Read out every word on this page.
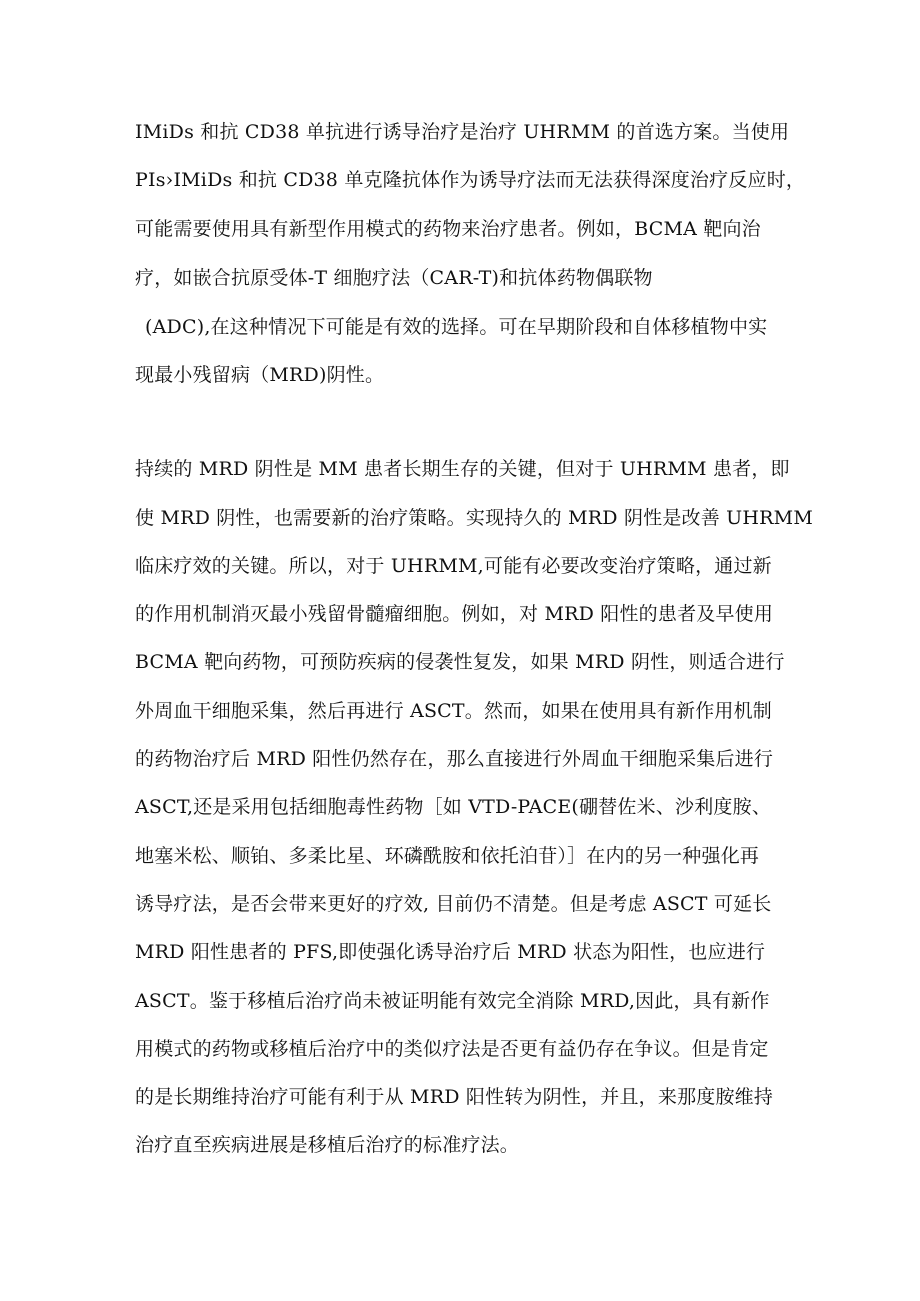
IMiDs 和抗 CD38 单抗进行诱导治疗是治疗 UHRMM 的首选方案。当使用
PIs›IMiDs 和抗 CD38 单克隆抗体作为诱导疗法而无法获得深度治疗反应时，
可能需要使用具有新型作用模式的药物来治疗患者。例如，BCMA 靶向治
疗，如嵌合抗原受体-T 细胞疗法（CAR-T)和抗体药物偶联物
(ADC),在这种情况下可能是有效的选择。可在早期阶段和自体移植物中实
现最小残留病（MRD)阴性。
持续的 MRD 阴性是 MM 患者长期生存的关键，但对于 UHRMM 患者，即
使 MRD 阴性，也需要新的治疗策略。实现持久的 MRD 阴性是改善 UHRMM
临床疗效的关键。所以，对于 UHRMM,可能有必要改变治疗策略，通过新
的作用机制消灭最小残留骨髓瘤细胞。例如，对 MRD 阳性的患者及早使用
BCMA 靶向药物，可预防疾病的侵袭性复发，如果 MRD 阴性，则适合进行
外周血干细胞采集，然后再进行 ASCT。然而，如果在使用具有新作用机制
的药物治疗后 MRD 阳性仍然存在，那么直接进行外周血干细胞采集后进行
ASCT,还是采用包括细胞毒性药物［如 VTD-PACE(硼替佐米、沙利度胺、
地塞米松、顺铂、多柔比星、环磷酰胺和依托泊苷）］在内的另一种强化再
诱导疗法，是否会带来更好的疗效, 目前仍不清楚。但是考虑 ASCT 可延长
MRD 阳性患者的 PFS,即使强化诱导治疗后 MRD 状态为阳性，也应进行
ASCT。鉴于移植后治疗尚未被证明能有效完全消除 MRD,因此，具有新作
用模式的药物或移植后治疗中的类似疗法是否更有益仍存在争议。但是肯定
的是长期维持治疗可能有利于从 MRD 阳性转为阴性，并且，来那度胺维持
治疗直至疾病进展是移植后治疗的标准疗法。
